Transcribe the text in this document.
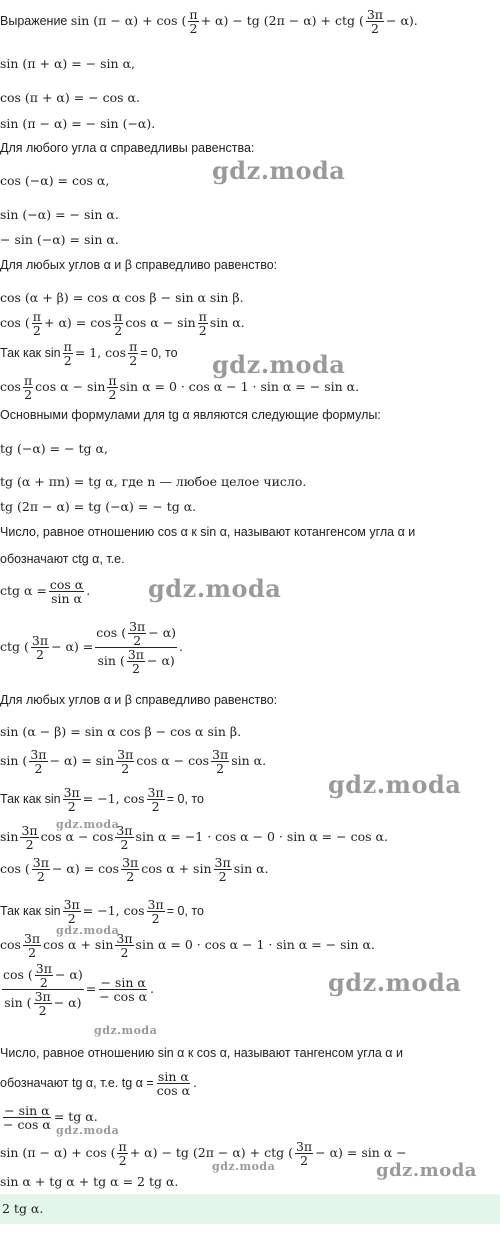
Выражение sin (π − α) + cos ( $\frac{\pi}{2} + \alpha$) − tg (2π − α) + ctg ( $\frac{3\pi}{2} - \alpha$).
sin (π + α) = − sin α,
cos (π + α) = − cos α.
sin (π − α) = − sin (−α).
Для любого угла α справедливы равенства:
cos (−α) = cos α,
sin (−α) = − sin α.
− sin (−α) = sin α.
Для любых углов α и β справедливо равенство:
cos (α + β) = cos α cos β − sin α sin β.
cos ( $\frac{\pi}{2} + \alpha) = \cos \frac{\pi}{2}$ $\cos \alpha - \sin \frac{\pi}{2}$ sin α.
Так как $\sin \frac{\pi}{2} = 1$, $\cos \frac{\pi}{2} = 0$, то
$\cos \frac{\pi}{2}$ $\cos \alpha - \sin \frac{\pi}{2}$ sin α = 0 · cos α − 1 · sin α = − sin α.
Основными формулами для tg α являются следующие формулы:
tg (−α) = − tg α,
tg (α + πn) = tg α, где n — любое целое число.
tg (2π − α) = tg (−α) = − tg α.
Число, равное отношению cos α к sin α, называют котангенсом угла α и
обозначают ctg α, т.е.
ctg $\alpha = \frac{\text{cos α}}{\text{sin α}}$ .
ctg ( $\frac{3\pi}{2} - \alpha) = \frac{\cos ( \frac{3\pi}{2} - \alpha)}{\sin ( \frac{3\pi}{2} - \alpha)}$ .
Для любых углов α и β справедливо равенство:
sin (α − β) = sin α cos β − cos α sin β.
sin ( $\frac{3\pi}{2} - \alpha) = \sin \frac{3\pi}{2}$ $\cos \alpha - \cos \frac{3\pi}{2}$ sin α.
Так как $\sin \frac{3\pi}{2} = -1$, $\cos \frac{3\pi}{2} = 0$, то
$\sin \frac{3\pi}{2}$ $\cos \alpha - \cos \frac{3\pi}{2}$ sin α = −1 · cos α − 0 · sin α = − cos α.
cos ( $\frac{3\pi}{2} - \alpha) = \cos \frac{3\pi}{2}$ $\cos \alpha + \sin \frac{3\pi}{2}$ sin α.
Так как $\sin \frac{3\pi}{2} = -1$, $\cos \frac{3\pi}{2} = 0$, то
$\cos \frac{3\pi}{2}$ $\cos \alpha + \sin \frac{3\pi}{2}$ sin α = 0 · cos α − 1 · sin α = − sin α.
$\frac{\cos ( \frac{3\pi}{2} - \alpha)}{\sin ( \frac{3\pi}{2} - \alpha)} = \frac{\text{− sin α}}{\text{− cos α}}$ .
Число, равное отношению sin α к cos α, называют тангенсом угла α и
обозначают tg α, т.е. tg $\alpha = \frac{\text{sin α}}{\text{cos α}}$ .
$\frac{\text{− sin α}}{\text{− cos α}}$ = tg α.
sin (π − α) + cos ( $\frac{\pi}{2} + \alpha$) − tg (2π − α) + ctg ( $\frac{3\pi}{2} - \alpha) = \sin \alpha$ −
sin α + tg α + tg α = 2 tg α.
2 tg α.
gdz.moda
gdz.moda
gdz.moda
gdz.moda
gdz.moda
gdz.moda
gdz.moda
gdz.moda
gdz.moda
gdz.moda	gdz.moda
